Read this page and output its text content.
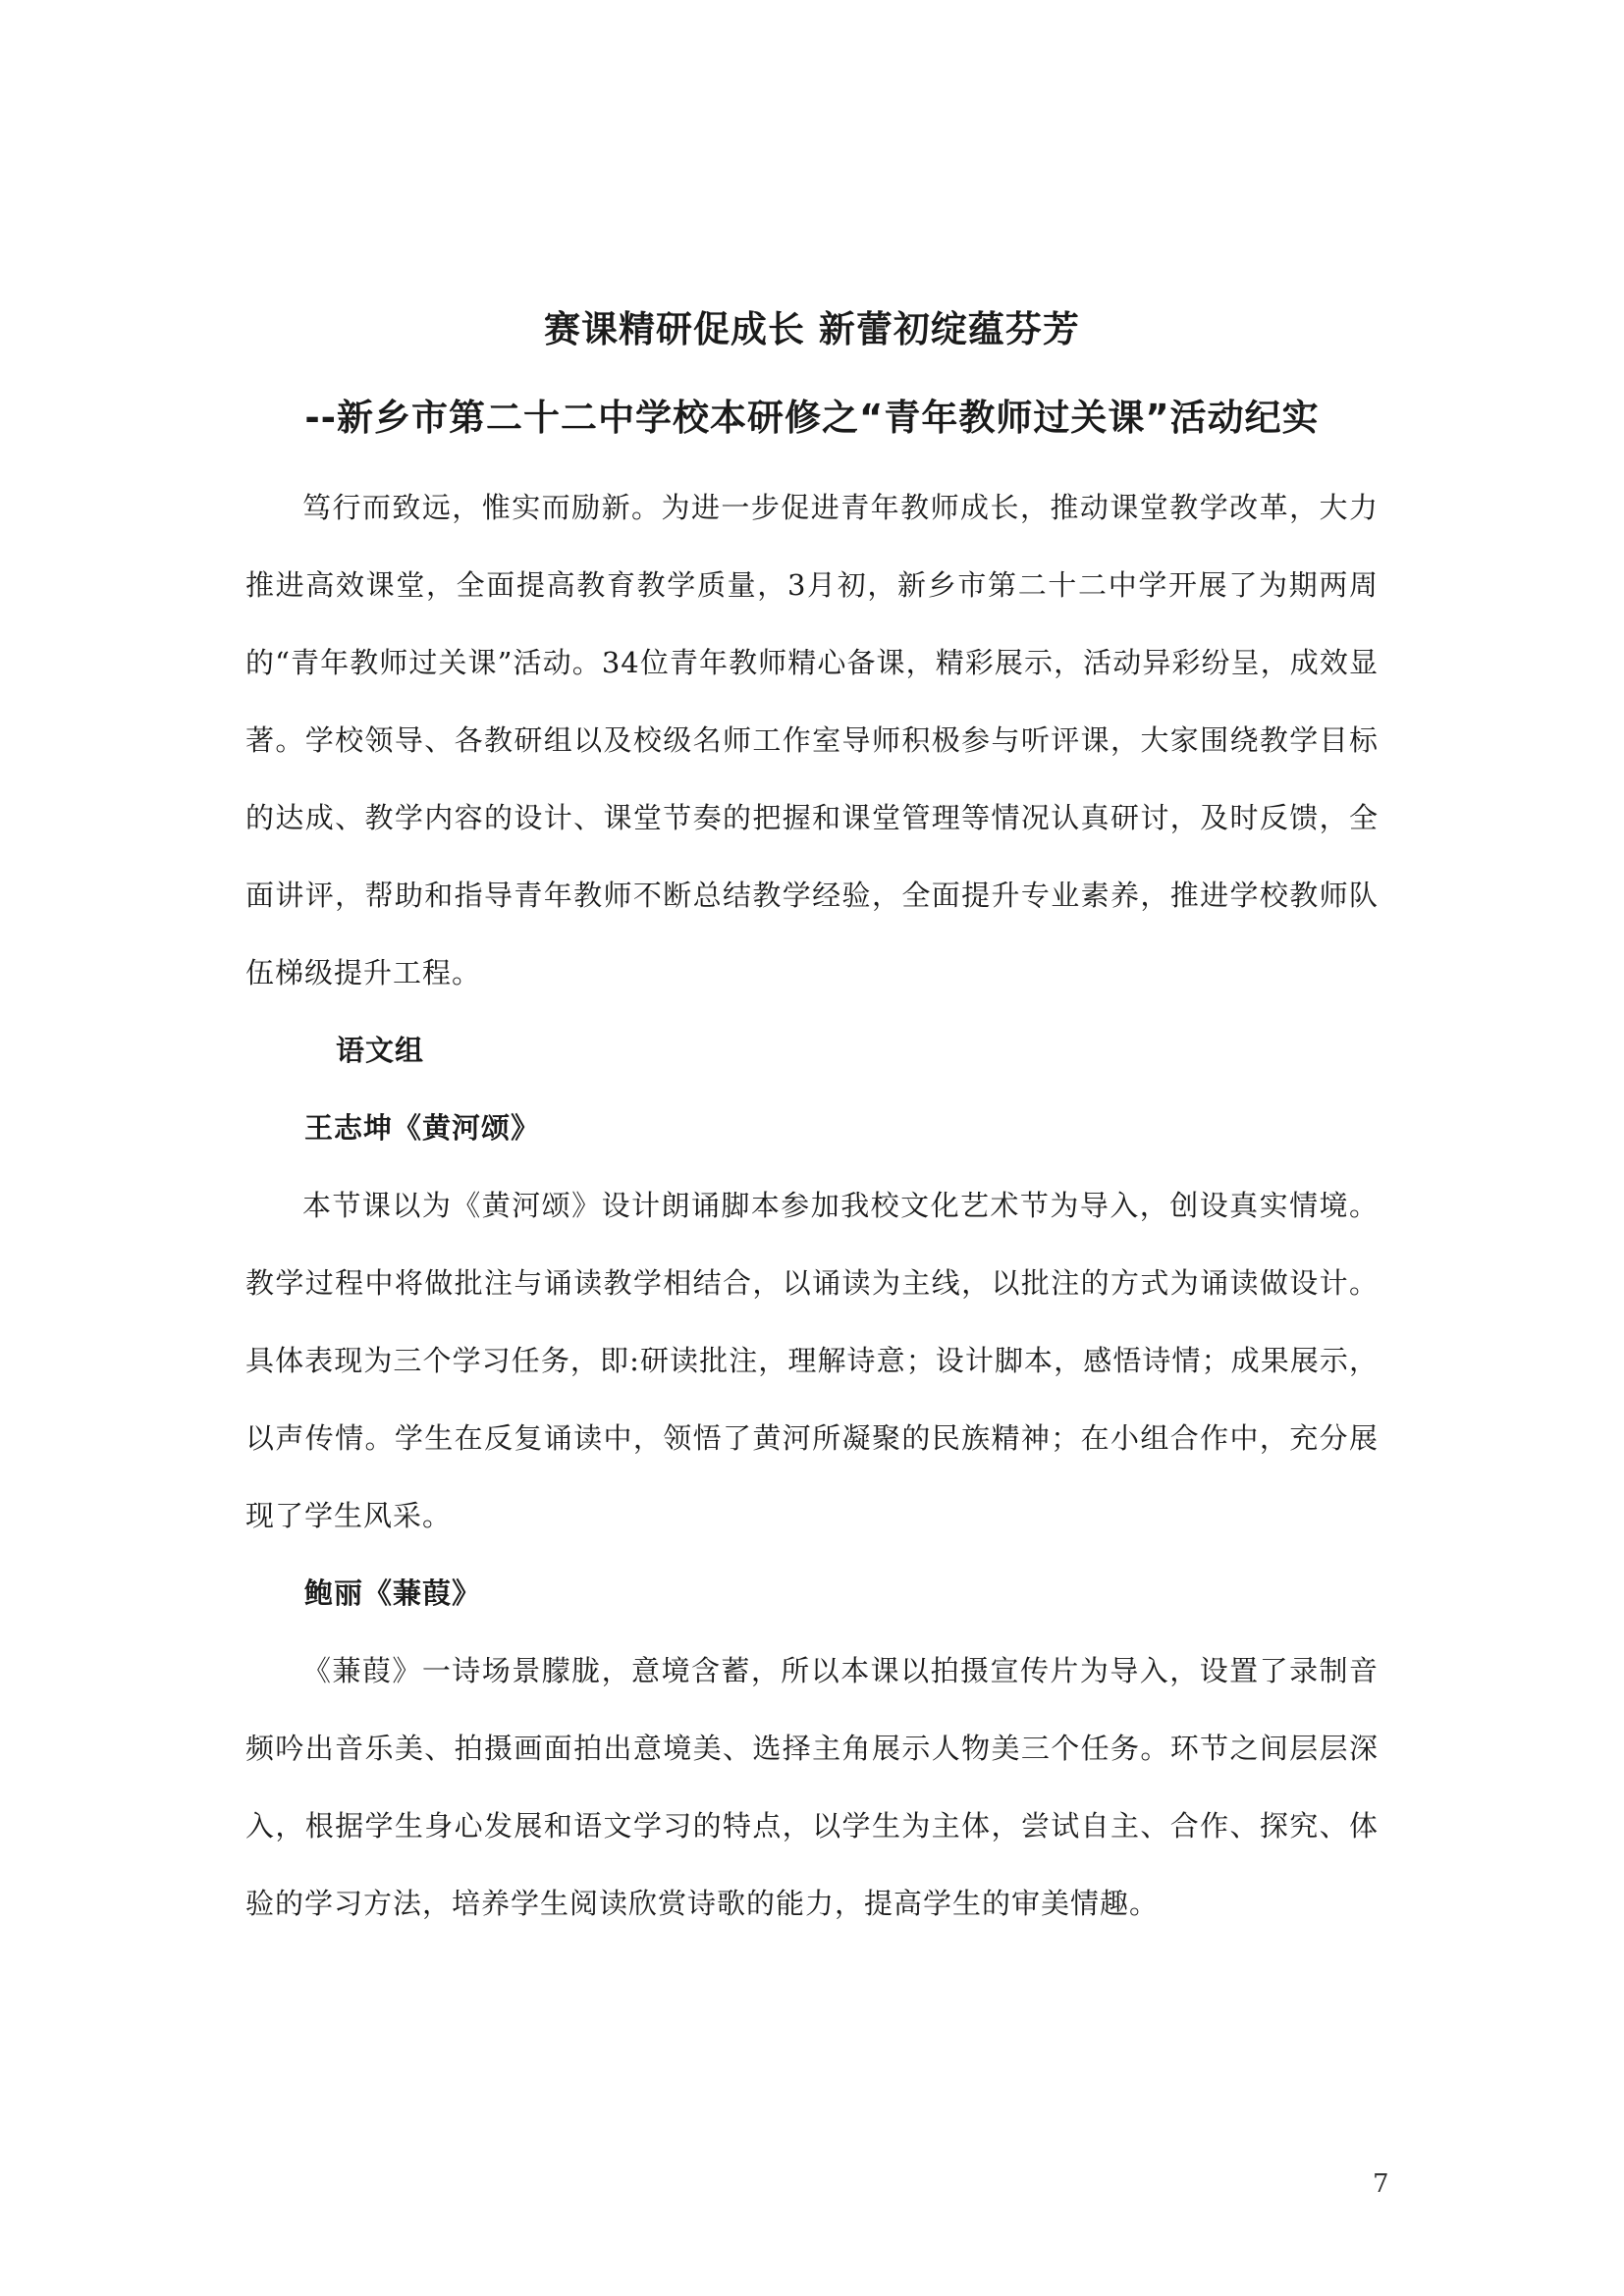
赛课精研促成长 新蕾初绽蕴芬芳
--新乡市第二十二中学校本研修之“青年教师过关课”活动纪实

笃行而致远，惟实而励新。为进一步促进青年教师成长，推动课堂教学改革，大力推进高效课堂，全面提高教育教学质量，3月初，新乡市第二十二中学开展了为期两周的“青年教师过关课”活动。34位青年教师精心备课，精彩展示，活动异彩纷呈，成效显著。学校领导、各教研组以及校级名师工作室导师积极参与听评课，大家围绕教学目标的达成、教学内容的设计、课堂节奏的把握和课堂管理等情况认真研讨，及时反馈，全面讲评，帮助和指导青年教师不断总结教学经验，全面提升专业素养，推进学校教师队伍梯级提升工程。

语文组

王志坤《黄河颂》

本节课以为《黄河颂》设计朗诵脚本参加我校文化艺术节为导入，创设真实情境。教学过程中将做批注与诵读教学相结合，以诵读为主线，以批注的方式为诵读做设计。具体表现为三个学习任务，即:研读批注，理解诗意；设计脚本，感悟诗情；成果展示，以声传情。学生在反复诵读中，领悟了黄河所凝聚的民族精神；在小组合作中，充分展现了学生风采。

鲍丽《蒹葭》

《蒹葭》一诗场景朦胧，意境含蓄，所以本课以拍摄宣传片为导入，设置了录制音频吟出音乐美、拍摄画面拍出意境美、选择主角展示人物美三个任务。环节之间层层深入，根据学生身心发展和语文学习的特点，以学生为主体，尝试自主、合作、探究、体验的学习方法，培养学生阅读欣赏诗歌的能力，提高学生的审美情趣。

7
